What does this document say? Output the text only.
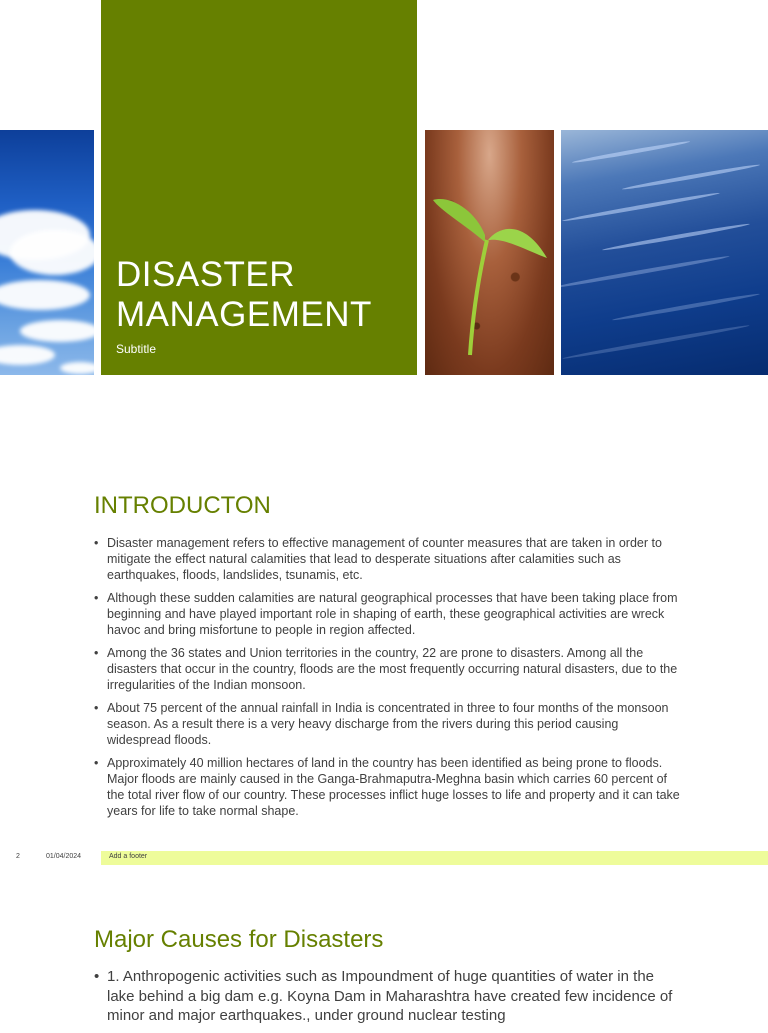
DISASTER
MANAGEMENT
Subtitle
INTRODUCTON
• Disaster management refers to effective management of counter measures that are taken in order to mitigate the effect natural calamities that lead to desperate situations after calamities such as earthquakes, floods, landslides, tsunamis, etc.
• Although these sudden calamities are natural geographical processes that have been taking place from beginning and have played important role in shaping of earth, these geographical activities are wreck havoc and bring misfortune to people in region affected.
• Among the 36 states and Union territories in the country, 22 are prone to disasters. Among all the disasters that occur in the country, floods are the most frequently occurring natural disasters, due to the irregularities of the Indian monsoon.
• About 75 percent of the annual rainfall in India is concentrated in three to four months of the monsoon season. As a result there is a very heavy discharge from the rivers during this period causing widespread floods.
• Approximately 40 million hectares of land in the country has been identified as being prone to floods. Major floods are mainly caused in the Ganga-Brahmaputra-Meghna basin which carries 60 percent of the total river flow of our country. These processes inflict huge losses to life and property and it can take years for life to take normal shape.
2	01/04/2024	Add a footer
Major Causes for Disasters
• 1. Anthropogenic activities such as Impoundment of huge quantities of water in the lake behind a big dam e.g. Koyna Dam in Maharashtra have created few incidence of minor and major earthquakes., under ground nuclear testing
